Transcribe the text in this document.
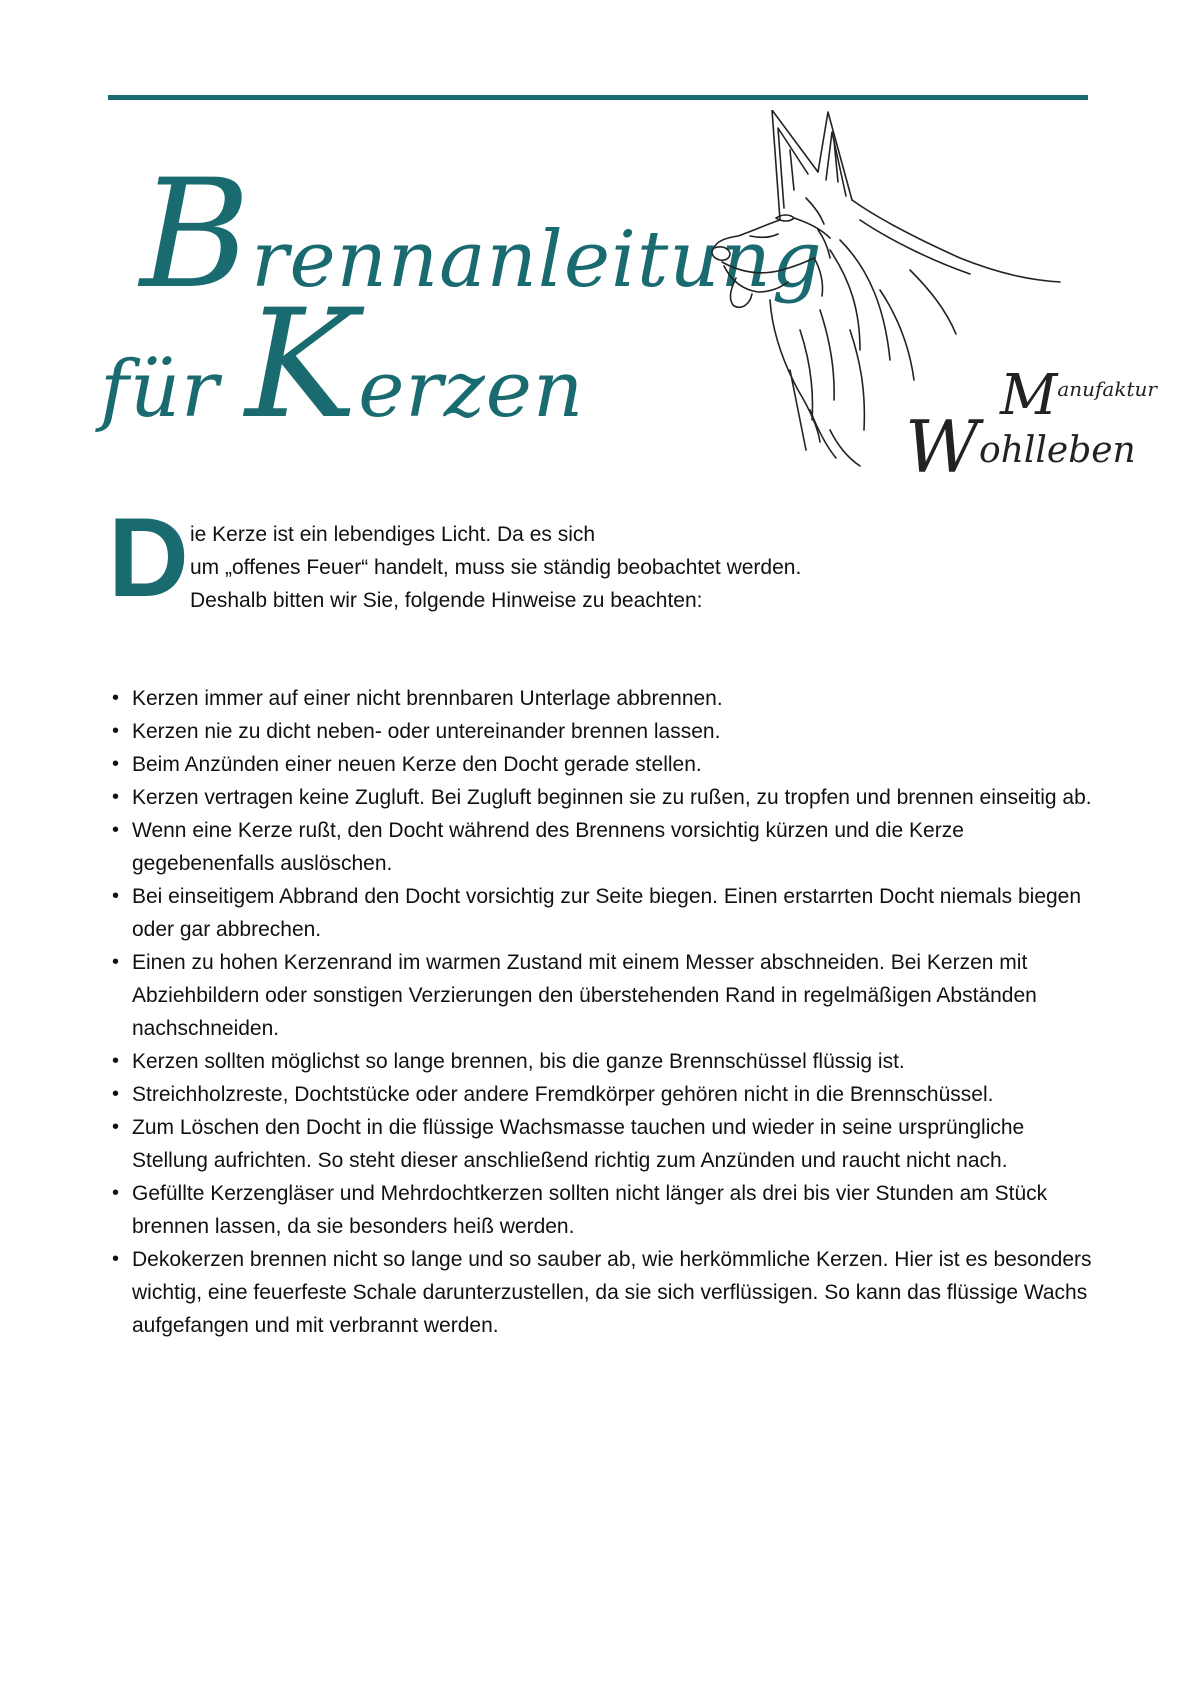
Brennanleitung
für Kerzen	Manufaktur
Wohlleben
D ie Kerze ist ein lebendiges Licht. Da es sich
um „offenes Feuer“ handelt, muss sie ständig beobachtet werden.
Deshalb bitten wir Sie, folgende Hinweise zu beachten:
• Kerzen immer auf einer nicht brennbaren Unterlage abbrennen.
• Kerzen nie zu dicht neben- oder untereinander brennen lassen.
• Beim Anzünden einer neuen Kerze den Docht gerade stellen.
• Kerzen vertragen keine Zugluft. Bei Zugluft beginnen sie zu rußen, zu tropfen und brennen einseitig ab.
• Wenn eine Kerze rußt, den Docht während des Brennens vorsichtig kürzen und die Kerze gegebenenfalls auslöschen.
• Bei einseitigem Abbrand den Docht vorsichtig zur Seite biegen. Einen erstarrten Docht niemals biegen oder gar abbrechen.
• Einen zu hohen Kerzenrand im warmen Zustand mit einem Messer abschneiden. Bei Kerzen mit Abziehbildern oder sonstigen Verzierungen den überstehenden Rand in regelmäßigen Abständen nachschneiden.
• Kerzen sollten möglichst so lange brennen, bis die ganze Brennschüssel flüssig ist.
• Streichholzreste, Dochtstücke oder andere Fremdkörper gehören nicht in die Brennschüssel.
• Zum Löschen den Docht in die flüssige Wachsmasse tauchen und wieder in seine ursprüngliche Stellung aufrichten. So steht dieser anschließend richtig zum Anzünden und raucht nicht nach.
• Gefüllte Kerzengläser und Mehrdochtkerzen sollten nicht länger als drei bis vier Stunden am Stück brennen lassen, da sie besonders heiß werden.
• Dekokerzen brennen nicht so lange und so sauber ab, wie herkömmliche Kerzen. Hier ist es besonders wichtig, eine feuerfeste Schale darunterzustellen, da sie sich verflüssigen. So kann das flüssige Wachs aufgefangen und mit verbrannt werden.
